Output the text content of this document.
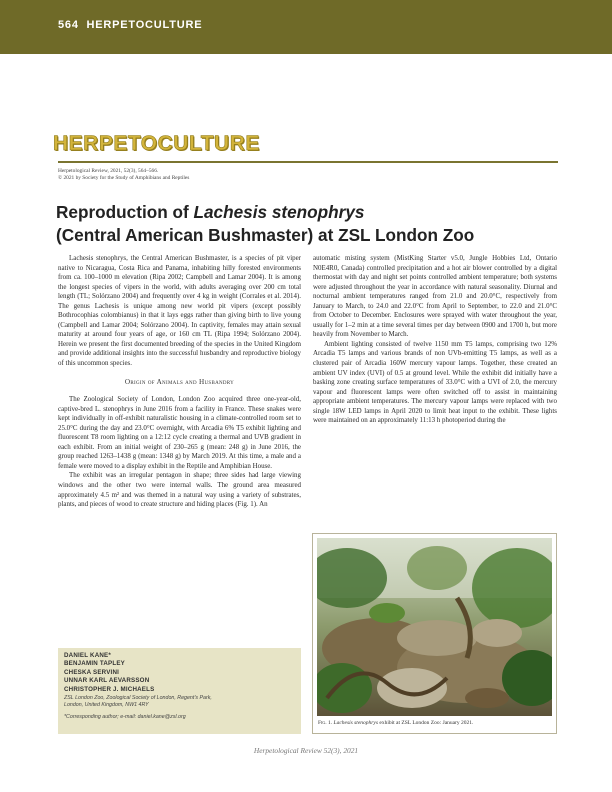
564 HERPETOCULTURE
HERPETOCULTURE
Herpetological Review, 2021, 52(3), 564–566.
© 2021 by Society for the Study of Amphibians and Reptiles
Reproduction of Lachesis stenophrys
(Central American Bushmaster) at ZSL London Zoo

Lachesis stenophrys, the Central American Bushmaster, is a species of pit viper native to Nicaragua, Costa Rica and Panama, inhabiting hilly forested environments from ca. 100–1000 m elevation (Ripa 2002; Campbell and Lamar 2004). It is among the longest species of vipers in the world, with adults averaging over 200 cm total length (TL; Solórzano 2004) and frequently over 4 kg in weight (Corrales et al. 2014). The genus Lachesis is unique among new world pit vipers (except possibly Bothrocophias colombianus) in that it lays eggs rather than giving birth to live young (Campbell and Lamar 2004; Solórzano 2004). In captivity, females may attain sexual maturity at around four years of age, or 160 cm TL (Ripa 1994; Solórzano 2004). Herein we present the first documented breeding of the species in the United Kingdom and provide additional insights into the successful husbandry and reproductive biology of this uncommon species.

Origin of Animals and Husbandry

The Zoological Society of London, London Zoo acquired three one-year-old, captive-bred L. stenophrys in June 2016 from a facility in France. These snakes were kept individually in off-exhibit naturalistic housing in a climate-controlled room set to 25.0°C during the day and 23.0°C overnight, with Arcadia 6% T5 exhibit lighting and fluorescent T8 room lighting on a 12:12 cycle creating a thermal and UVB gradient in each exhibit. From an initial weight of 230–265 g (mean: 248 g) in June 2016, the group reached 1263–1438 g (mean: 1348 g) by March 2019. At this time, a male and a female were moved to a display exhibit in the Reptile and Amphibian House.

The exhibit was an irregular pentagon in shape; three sides had large viewing windows and the other two were internal walls. The ground area measured approximately 4.5 m² and was themed in a natural way using a variety of substrates, plants, and pieces of wood to create structure and hiding places (Fig. 1). An

automatic misting system (MistKing Starter v5.0, Jungle Hobbies Ltd, Ontario N0E4R0, Canada) controlled precipitation and a hot air blower controlled by a digital thermostat with day and night set points controlled ambient temperature; both systems were adjusted throughout the year in accordance with natural seasonality. Diurnal and nocturnal ambient temperatures ranged from 21.0 and 20.0°C, respectively from January to March, to 24.0 and 22.0°C from April to September, to 22.0 and 21.0°C from October to December. Enclosures were sprayed with water throughout the year, usually for 1–2 min at a time several times per day between 0900 and 1700 h, but more heavily from November to March.

Ambient lighting consisted of twelve 1150 mm T5 lamps, comprising two 12% Arcadia T5 lamps and various brands of non UVb-emitting T5 lamps, as well as a clustered pair of Arcadia 160W mercury vapour lamps. Together, these created an ambient UV index (UVI) of 0.5 at ground level. While the exhibit did initially have a basking zone creating surface temperatures of 33.0°C with a UVI of 2.0, the mercury vapour and fluorescent lamps were often switched off to assist in maintaining appropriate ambient temperatures. The mercury vapour lamps were replaced with two single 18W LED lamps in April 2020 to limit heat input to the exhibit. These lights were maintained on an approximately 11:13 h photoperiod during the

DANIEL KANE*
BENJAMIN TAPLEY
CHESKA SERVINI
UNNAR KARL AEVARSSON
CHRISTOPHER J. MICHAELS
ZSL London Zoo, Zoological Society of London, Regent's Park,
London, United Kingdom, NW1 4RY
*Corresponding author; e-mail: daniel.kane@zsl.org
Fig. 1. Lachesis stenophrys exhibit at ZSL London Zoo: January 2021.
Herpetological Review 52(3), 2021
